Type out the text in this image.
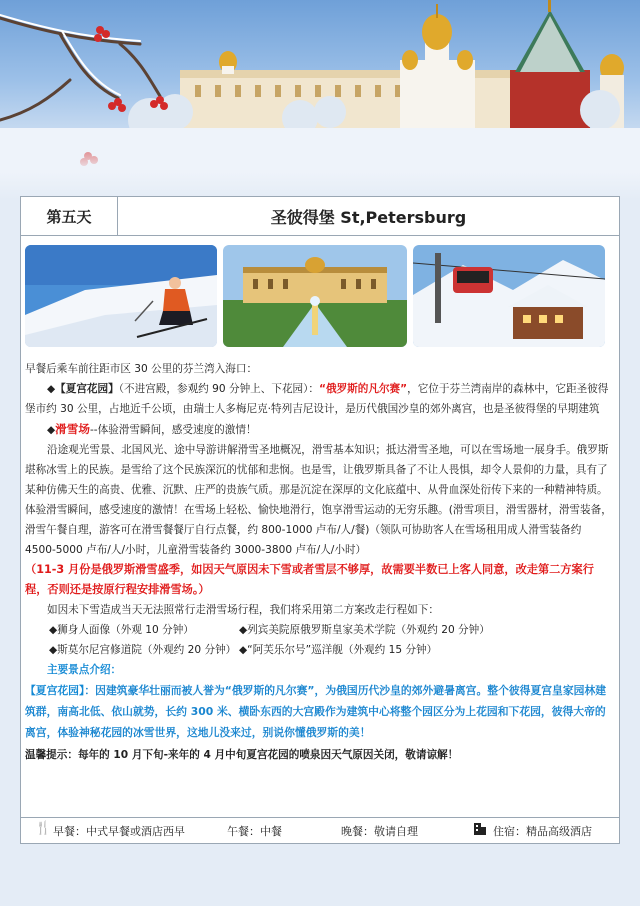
第五天	圣彼得堡 St,Petersburg

早餐后乘车前往距市区 30 公里的芬兰湾入海口：

◆【夏宫花园】（不进宫殿，参观约 90 分钟上、下花园）：“俄罗斯的凡尔赛”，它位于芬兰湾南岸的森林中，它距圣彼得堡市约 30 公里，占地近千公顷，由瑞士人多梅尼克·特列吉尼设计，是历代俄国沙皇的郊外离宫，也是圣彼得堡的早期建筑

◆滑雪场--体验滑雪瞬间，感受速度的激情！

沿途观光雪景、北国风光、途中导游讲解滑雪圣地概况，滑雪基本知识；抵达滑雪圣地，可以在雪场地一展身手。俄罗斯堪称冰雪上的民族。是雪给了这个民族深沉的忧郁和悲悯。也是雪，让俄罗斯具备了不让人畏惧，却令人景仰的力量，具有了某种仿佛天生的高贵、优雅、沉默、庄严的贵族气质。那是沉淀在深厚的文化底蕴中、从骨血深处衍传下来的一种精神特质。体验滑雪瞬间，感受速度的激情！在雪场上轻松、愉快地滑行，饱享滑雪运动的无穷乐趣。(滑雪项目，滑雪器材，滑雪装备，滑雪午餐自理，游客可在滑雪餐餐厅自行点餐，约 800-1000 卢布/人/餐)（领队可协助客人在雪场租用成人滑雪装备约 4500-5000 卢布/人/小时，儿童滑雪装备约 3000-3800 卢布/人/小时）

（11-3 月份是俄罗斯滑雪盛季，如因天气原因未下雪或者雪层不够厚，故需要半数已上客人同意，改走第二方案行程，否则还是按原行程安排滑雪场。）

如因未下雪造成当天无法照常行走滑雪场行程，我们将采用第二方案改走行程如下：

◆狮身人面像（外观 10 分钟）	◆列宾美院原俄罗斯皇家美术学院（外观约 20 分钟）
◆斯莫尔尼宫修道院（外观约 20 分钟） ◆“阿芙乐尔号”巡洋舰（外观约 15 分钟）

主要景点介绍：

【夏宫花园】：因建筑豪华壮丽而被人誉为“俄罗斯的凡尔赛”，为俄国历代沙皇的郊外避暑离宫。整个彼得夏宫皇家园林建筑群，南高北低、依山就势，长约 300 米、横卧东西的大宫殿作为建筑中心将整个园区分为上花园和下花园，彼得大帝的离宫，体验神秘花园的冰雪世界，这地儿没来过，别说你懂俄罗斯的美！

温馨提示：每年的 10 月下旬-来年的 4 月中旬夏宫花园的喷泉因天气原因关闭，敬请谅解！

🍴 早餐：中式早餐或酒店西早	午餐：中餐	晚餐：敬请自理	住宿：精品高级酒店
